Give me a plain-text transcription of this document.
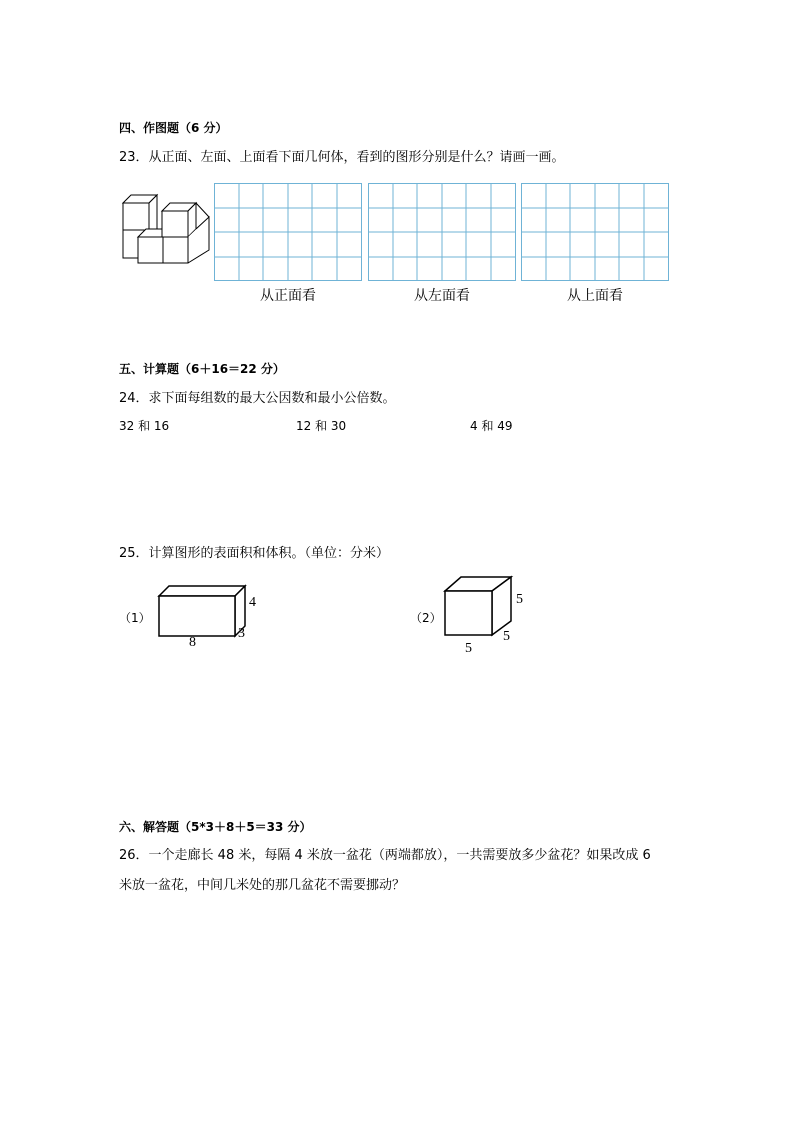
四、作图题（6 分）
23．从正面、左面、上面看下面几何体，看到的图形分别是什么？请画一画。
从正面看	从左面看	从上面看
五、计算题（6＋16＝22 分）
24．求下面每组数的最大公因数和最小公倍数。
32 和 16	12 和 30	4 和 49
25．计算图形的表面积和体积。（单位：分米）
（1）
4
3
8
（2）
5
5
5
六、解答题（5*3＋8＋5＝33 分）
26．一个走廊长 48 米，每隔 4 米放一盆花（两端都放），一共需要放多少盆花？如果改成 6
米放一盆花，中间几米处的那几盆花不需要挪动？
